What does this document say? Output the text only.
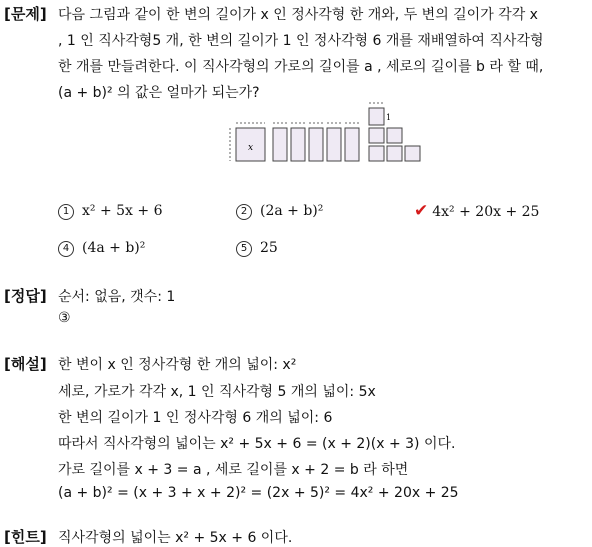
[ 문제 ]	다음 그림과 같이 한 변의 길이가 x 인 정사각형 한 개와, 두 변의 길이가 각각 x
, 1 인 직사각형5 개, 한 변의 길이가 1 인 정사각형 6 개를 재배열하여 직사각형
한 개를 만들려한다. 이 직사각형의 가로의 길이를 a , 세로의 길이를 b 라 할 때,
(a + b)² 의 값은 얼마가 되는가?
x
1
1 x² + 5x + 6	2 (2a + b)²	✔ 4x² + 20x + 25
4 (4a + b)²	5 25
[ 정답 ]	순서: 없음, 갯수: 1
③
[ 해설 ]	한 변이 x 인 정사각형 한 개의 넓이: x²
세로, 가로가 각각 x, 1 인 직사각형 5 개의 넓이: 5x
한 변의 길이가 1 인 정사각형 6 개의 넓이: 6
따라서 직사각형의 넓이는 x² + 5x + 6 = (x + 2)(x + 3) 이다.
가로 길이를 x + 3 = a , 세로 길이를 x + 2 = b 라 하면
(a + b)² = (x + 3 + x + 2)² = (2x + 5)² = 4x² + 20x + 25
[ 힌트 ]	직사각형의 넓이는 x² + 5x + 6 이다.
